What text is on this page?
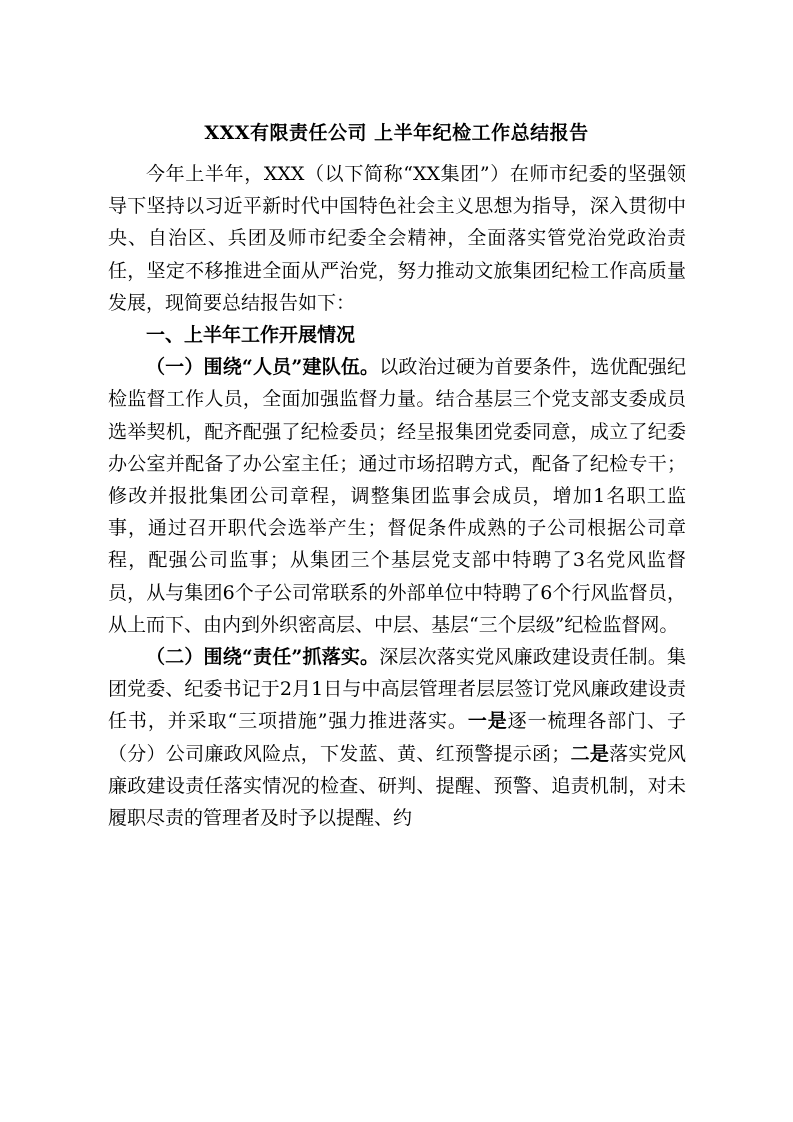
XXX有限责任公司 上半年纪检工作总结报告

今年上半年，XXX（以下简称“XX集团”）在师市纪委的坚强领导下坚持以习近平新时代中国特色社会主义思想为指导，深入贯彻中央、自治区、兵团及师市纪委全会精神，全面落实管党治党政治责任，坚定不移推进全面从严治党，努力推动文旅集团纪检工作高质量发展，现简要总结报告如下：

一、上半年工作开展情况

（一）围绕“人员”建队伍。以政治过硬为首要条件，选优配强纪检监督工作人员，全面加强监督力量。结合基层三个党支部支委成员选举契机，配齐配强了纪检委员；经呈报集团党委同意，成立了纪委办公室并配备了办公室主任；通过市场招聘方式，配备了纪检专干；修改并报批集团公司章程，调整集团监事会成员，增加1名职工监事，通过召开职代会选举产生；督促条件成熟的子公司根据公司章程，配强公司监事；从集团三个基层党支部中特聘了3名党风监督员，从与集团6个子公司常联系的外部单位中特聘了6个行风监督员，从上而下、由内到外织密高层、中层、基层“三个层级”纪检监督网。

（二）围绕“责任”抓落实。深层次落实党风廉政建设责任制。集团党委、纪委书记于2月1日与中高层管理者层层签订党风廉政建设责任书，并采取“三项措施”强力推进落实。一是逐一梳理各部门、子（分）公司廉政风险点，下发蓝、黄、红预警提示函；二是落实党风廉政建设责任落实情况的检查、研判、提醒、预警、追责机制，对未履职尽责的管理者及时予以提醒、约
